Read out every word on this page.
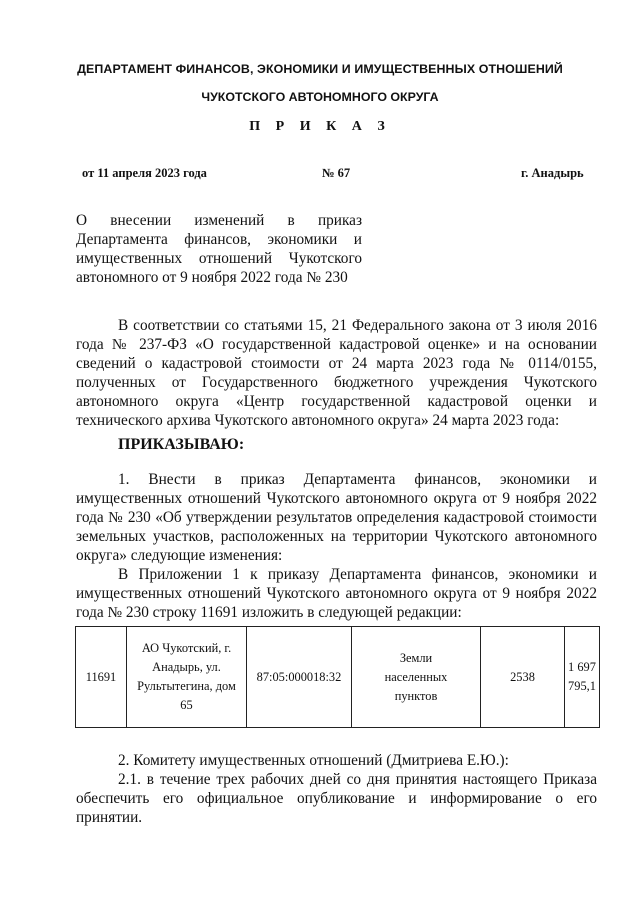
ДЕПАРТАМЕНТ ФИНАНСОВ, ЭКОНОМИКИ И ИМУЩЕСТВЕННЫХ ОТНОШЕНИЙ
ЧУКОТСКОГО АВТОНОМНОГО ОКРУГА
П Р И К А З
от 11 апреля 2023 года	№ 67	г. Анадырь
О внесении изменений в приказ Департамента финансов, экономики и имущественных отношений Чукотского автономного от 9 ноября 2022 года № 230
В соответствии со статьями 15, 21 Федерального закона от 3 июля 2016 года № 237-ФЗ «О государственной кадастровой оценке» и на основании сведений о кадастровой стоимости от 24 марта 2023 года № 0114/0155, полученных от Государственного бюджетного учреждения Чукотского автономного округа «Центр государственной кадастровой оценки и технического архива Чукотского автономного округа» 24 марта 2023 года:
ПРИКАЗЫВАЮ:
1. Внести в приказ Департамента финансов, экономики и имущественных отношений Чукотского автономного округа от 9 ноября 2022 года № 230 «Об утверждении результатов определения кадастровой стоимости земельных участков, расположенных на территории Чукотского автономного округа» следующие изменения:
В Приложении 1 к приказу Департамента финансов, экономики и имущественных отношений Чукотского автономного округа от 9 ноября 2022 года № 230 строку 11691 изложить в следующей редакции:
11691	АО Чукотский, г. Анадырь, ул. Рультытегина, дом 65	87:05:000018:32	Земли населенных пунктов	2538	1 697 795,1
2. Комитету имущественных отношений (Дмитриева Е.Ю.):
2.1. в течение трех рабочих дней со дня принятия настоящего Приказа обеспечить его официальное опубликование и информирование о его принятии.
